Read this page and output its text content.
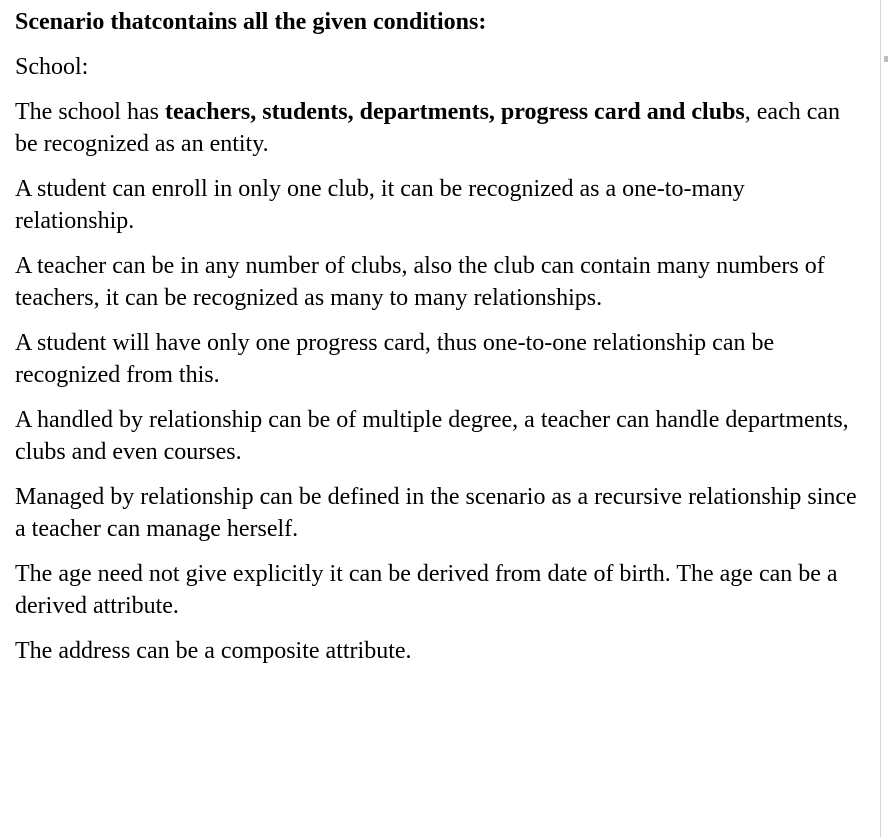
Scenario thatcontains all the given conditions:

School:

The school has teachers, students, departments, progress card and clubs, each can be recognized as an entity.

A student can enroll in only one club, it can be recognized as a one-to-many relationship.

A teacher can be in any number of clubs, also the club can contain many numbers of teachers, it can be recognized as many to many relationships.

A student will have only one progress card, thus one-to-one relationship can be recognized from this.

A handled by relationship can be of multiple degree, a teacher can handle departments, clubs and even courses.

Managed by relationship can be defined in the scenario as a recursive relationship since a teacher can manage herself.

The age need not give explicitly it can be derived from date of birth. The age can be a derived attribute.

The address can be a composite attribute.
